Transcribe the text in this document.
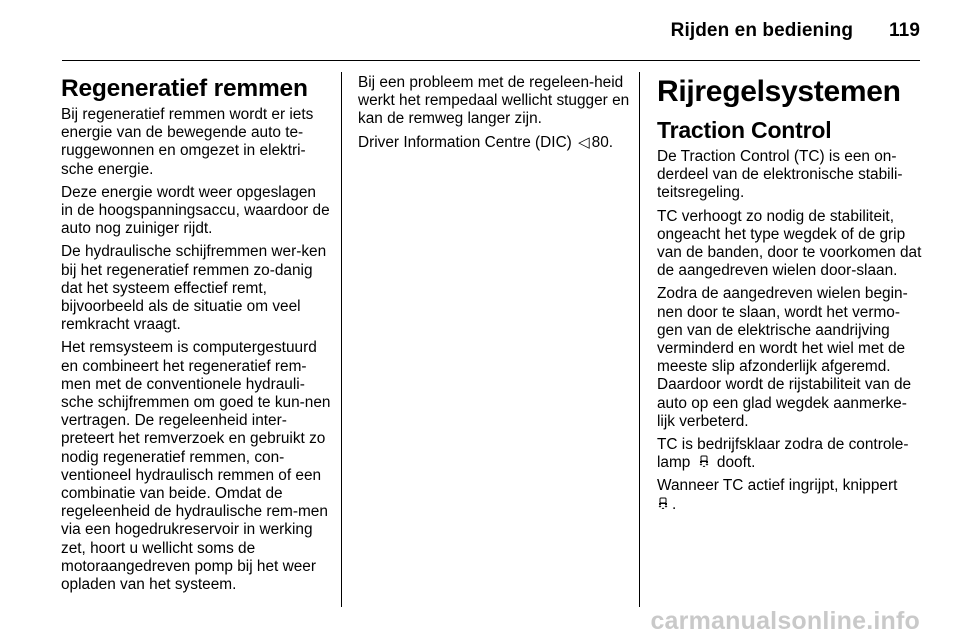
Rijden en bediening 119
Regeneratief remmen

Bij regeneratief remmen wordt er iets energie van de bewegende auto te-ruggewonnen en omgezet in elektri-sche energie.

Deze energie wordt weer opgeslagen in de hoogspanningsaccu, waardoor de auto nog zuiniger rijdt.

De hydraulische schijfremmen wer-ken bij het regeneratief remmen zo-danig dat het systeem effectief remt, bijvoorbeeld als de situatie om veel remkracht vraagt.

Het remsysteem is computergestuurd en combineert het regeneratief rem-men met de conventionele hydrauli-sche schijfremmen om goed te kun-nen vertragen. De regeleenheid inter-preteert het remverzoek en gebruikt zo nodig regeneratief remmen, con-ventioneel hydraulisch remmen of een combinatie van beide. Omdat de regeleenheid de hydraulische rem-men via een hogedrukreservoir in werking zet, hoort u wellicht soms de motoraangedreven pomp bij het weer opladen van het systeem.

Bij een probleem met de regeleen-heid werkt het rempedaal wellicht stugger en kan de remweg langer zijn.

Driver Information Centre (DIC) ◁ 80.

Rijregelsystemen
Traction Control

De Traction Control (TC) is een on-derdeel van de elektronische stabili-teitsregeling.

TC verhoogt zo nodig de stabiliteit, ongeacht het type wegdek of de grip van de banden, door te voorkomen dat de aangedreven wielen door-slaan.

Zodra de aangedreven wielen begin-nen door te slaan, wordt het vermo-gen van de elektrische aandrijving verminderd en wordt het wiel met de meeste slip afzonderlijk afgeremd. Daardoor wordt de rijstabiliteit van de auto op een glad wegdek aanmerke-lijk verbeterd.

TC is bedrijfsklaar zodra de controle-lamp dooft.

Wanneer TC actief ingrijpt, knippert
.

carmanualsonline.info
